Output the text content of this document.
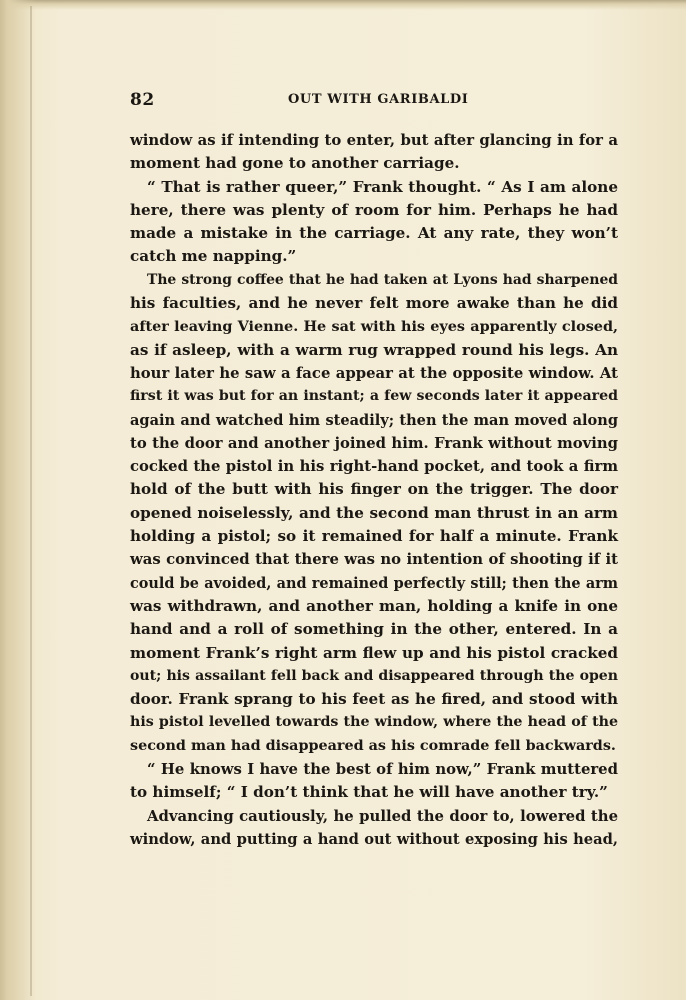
82	OUT WITH GARIBALDI
window as if intending to enter, but after glancing in for a
moment had gone to another carriage.
“ That is rather queer,” Frank thought. “ As I am alone
here, there was plenty of room for him. Perhaps he had
made a mistake in the carriage. At any rate, they won’t
catch me napping.”
The strong coffee that he had taken at Lyons had sharpened
his faculties, and he never felt more awake than he did
after leaving Vienne. He sat with his eyes apparently closed,
as if asleep, with a warm rug wrapped round his legs. An
hour later he saw a face appear at the opposite window. At
first it was but for an instant; a few seconds later it appeared
again and watched him steadily; then the man moved along
to the door and another joined him. Frank without moving
cocked the pistol in his right-hand pocket, and took a firm
hold of the butt with his finger on the trigger. The door
opened noiselessly, and the second man thrust in an arm
holding a pistol; so it remained for half a minute. Frank
was convinced that there was no intention of shooting if it
could be avoided, and remained perfectly still; then the arm
was withdrawn, and another man, holding a knife in one
hand and a roll of something in the other, entered. In a
moment Frank’s right arm flew up and his pistol cracked
out; his assailant fell back and disappeared through the open
door. Frank sprang to his feet as he fired, and stood with
his pistol levelled towards the window, where the head of the
second man had disappeared as his comrade fell backwards.
“ He knows I have the best of him now,” Frank muttered
to himself; “ I don’t think that he will have another try.”
Advancing cautiously, he pulled the door to, lowered the
window, and putting a hand out without exposing his head,
